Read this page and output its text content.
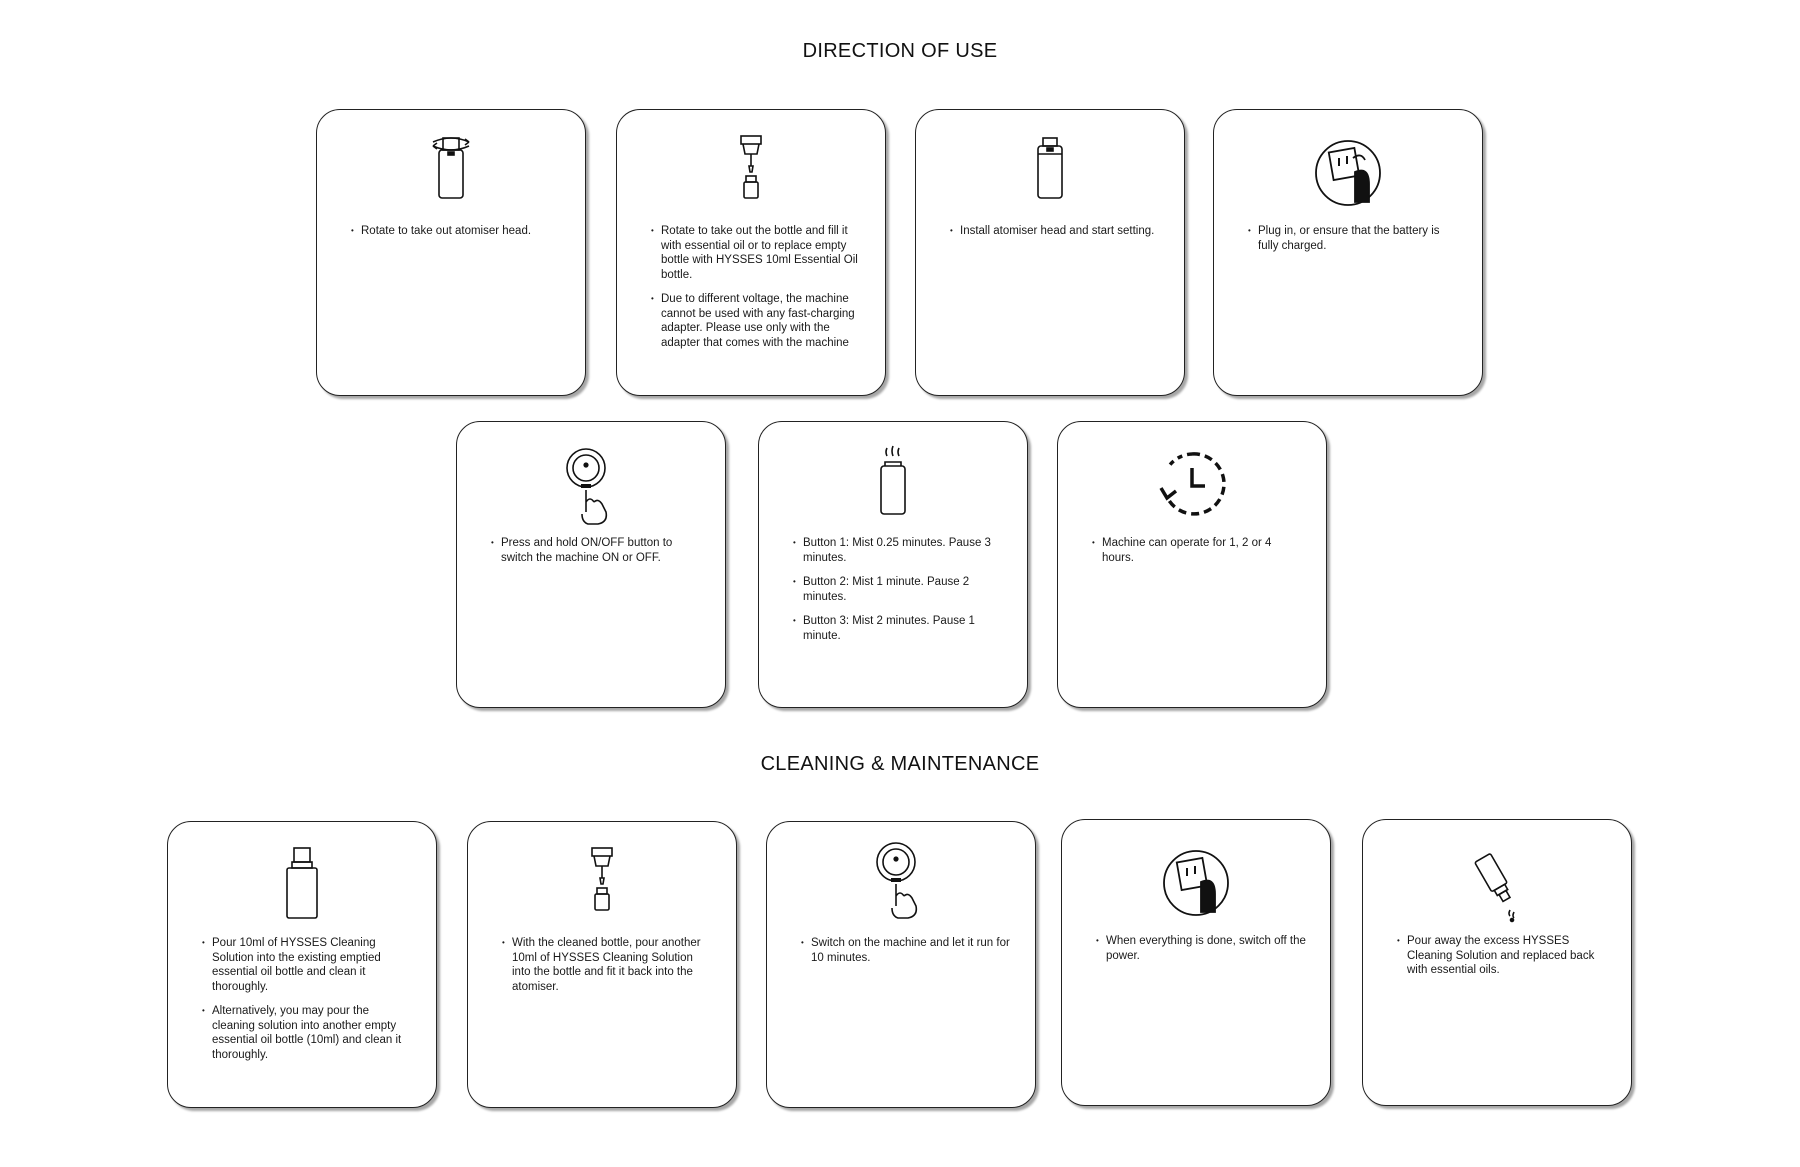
DIRECTION OF USE
• Rotate to take out atomiser head.	• Rotate to take out the bottle and fill it with essential oil or to replace empty bottle with HYSSES 10ml Essential Oil bottle.
• Due to different voltage, the machine cannot be used with any fast-charging adapter. Please use only with the adapter that comes with the machine
• Install atomiser head and start setting.	• Plug in, or ensure that the battery is fully charged.
• Press and hold ON/OFF button to switch the machine ON or OFF.
• Button 1: Mist 0.25 minutes. Pause 3 minutes.
• Button 2: Mist 1 minute. Pause 2 minutes.
• Button 3: Mist 2 minutes. Pause 1 minute.
• Machine can operate for 1, 2 or 4 hours.
CLEANING & MAINTENANCE
• Pour 10ml of HYSSES Cleaning Solution into the existing emptied essential oil bottle and clean it thoroughly.
• Alternatively, you may pour the cleaning solution into another empty essential oil bottle (10ml) and clean it thoroughly.
• With the cleaned bottle, pour another 10ml of HYSSES Cleaning Solution into the bottle and fit it back into the atomiser.
• Switch on the machine and let it run for 10 minutes.
• When everything is done, switch off the power.
• Pour away the excess HYSSES Cleaning Solution and replaced back with essential oils.
